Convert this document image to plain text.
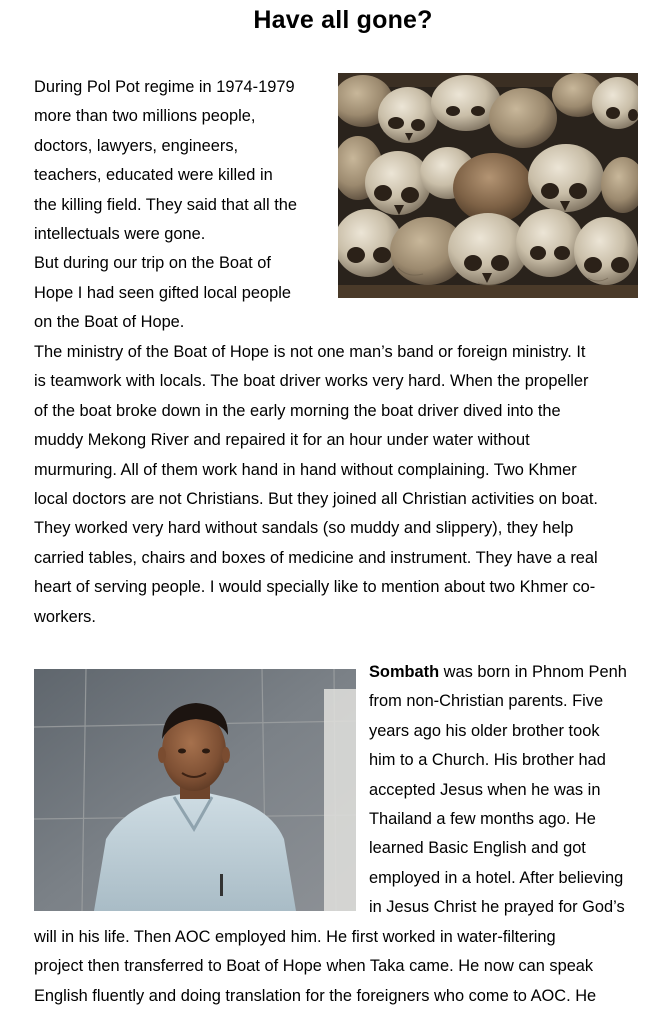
Have all gone?
During Pol Pot regime in 1974-1979
more than two millions people,
doctors, lawyers, engineers,
teachers, educated were killed in
the killing field. They said that all the
intellectuals were gone.
But during our trip on the Boat of
Hope I had seen gifted local people
on the Boat of Hope.
The ministry of the Boat of Hope is not one man’s band or foreign ministry. It
is teamwork with locals. The boat driver works very hard. When the propeller
of the boat broke down in the early morning the boat driver dived into the
muddy Mekong River and repaired it for an hour under water without
murmuring. All of them work hand in hand without complaining. Two Khmer
local doctors are not Christians. But they joined all Christian activities on boat.
They worked very hard without sandals (so muddy and slippery), they help
carried tables, chairs and boxes of medicine and instrument. They have a real
heart of serving people. I would specially like to mention about two Khmer co-
workers.
Sombath was born in Phnom Penh
from non-Christian parents. Five
years ago his older brother took
him to a Church. His brother had
accepted Jesus when he was in
Thailand a few months ago. He
learned Basic English and got
employed in a hotel. After believing
in Jesus Christ he prayed for God’s
will in his life. Then AOC employed him. He first worked in water-filtering
project then transferred to Boat of Hope when Taka came. He now can speak
English fluently and doing translation for the foreigners who come to AOC. He
